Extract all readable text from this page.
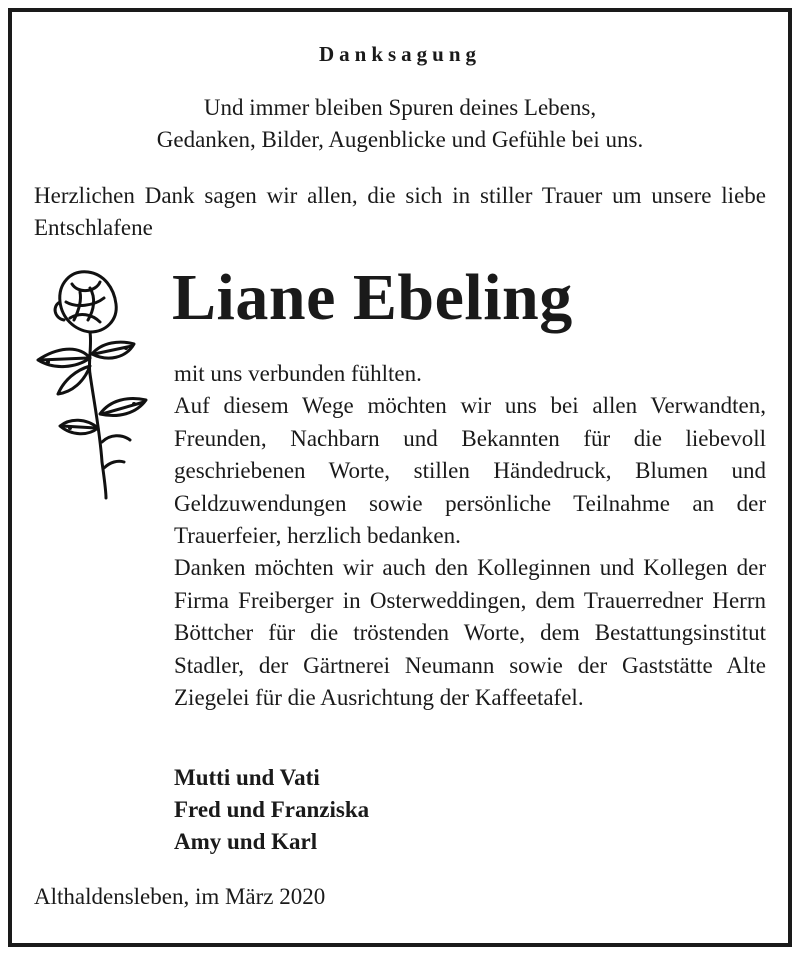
Danksagung
Und immer bleiben Spuren deines Lebens,
Gedanken, Bilder, Augenblicke und Gefühle bei uns.
Herzlichen Dank sagen wir allen, die sich in stiller Trauer um unsere liebe Entschlafene
Liane Ebeling

mit uns verbunden fühlten.

Auf diesem Wege möchten wir uns bei allen Verwandten, Freunden, Nachbarn und Bekannten für die liebevoll geschriebenen Worte, stillen Händedruck, Blumen und Geldzuwendungen sowie persönliche Teilnahme an der Trauerfeier, herzlich bedanken.

Danken möchten wir auch den Kolleginnen und Kollegen der Firma Freiberger in Osterweddingen, dem Trauerredner Herrn Böttcher für die tröstenden Worte, dem Bestattungsinstitut Stadler, der Gärtnerei Neumann sowie der Gaststätte Alte Ziegelei für die Ausrichtung der Kaffeetafel.

Mutti und Vati
Fred und Franziska
Amy und Karl
Althaldensleben, im März 2020
